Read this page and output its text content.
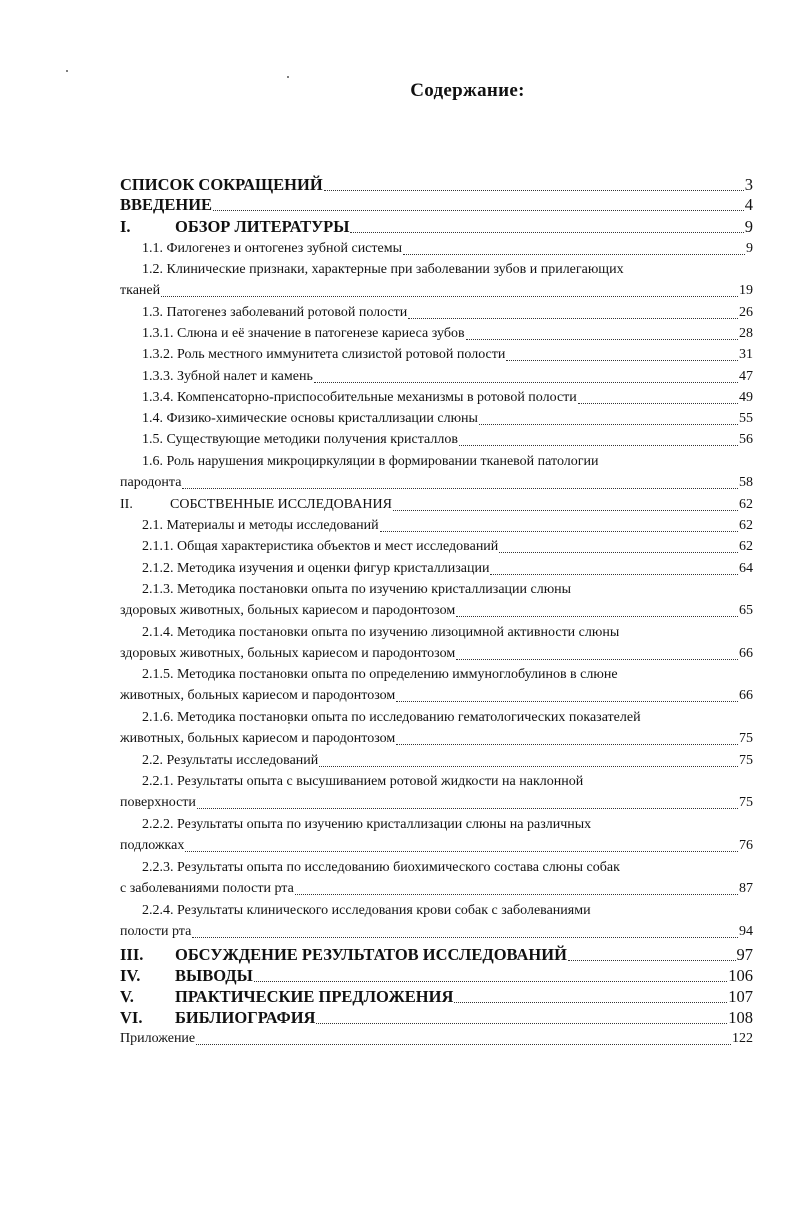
Содержание:
СПИСОК СОКРАЩЕНИЙ	3
ВВЕДЕНИЕ	4
I.	ОБЗОР ЛИТЕРАТУРЫ	9
1.1. Филогенез и онтогенез зубной системы	9
1.2. Клинические признаки, характерные при заболевании зубов и прилегающих
тканей	19
1.3. Патогенез заболеваний ротовой полости	26
1.3.1. Слюна и её значение в патогенезе кариеса зубов	28
1.3.2. Роль местного иммунитета слизистой ротовой полости	31
1.3.3. Зубной налет и камень	47
1.3.4. Компенсаторно-приспособительные механизмы в ротовой полости	49
1.4. Физико-химические основы кристаллизации слюны	55
1.5. Существующие методики получения кристаллов	56
1.6. Роль нарушения микроциркуляции в формировании тканевой патологии
пародонта	58
II.	СОБСТВЕННЫЕ ИССЛЕДОВАНИЯ	62
2.1. Материалы и методы исследований	62
2.1.1. Общая характеристика объектов и мест исследований	62
2.1.2. Методика изучения и оценки фигур кристаллизации	64
2.1.3. Методика постановки опыта по изучению кристаллизации слюны
здоровых животных, больных кариесом и пародонтозом	65
2.1.4. Методика постановки опыта по изучению лизоцимной активности слюны
здоровых животных, больных кариесом и пародонтозом	66
2.1.5. Методика постановки опыта по определению иммуноглобулинов в слюне
животных, больных кариесом и пародонтозом	66
2.1.6. Методика постановки опыта по исследованию гематологических показателей
животных, больных кариесом и пародонтозом	75
2.2. Результаты исследований	75
2.2.1. Результаты опыта с высушиванием ротовой жидкости на наклонной
поверхности	75
2.2.2. Результаты опыта по изучению кристаллизации слюны на различных
подложках	76
2.2.3. Результаты опыта по исследованию биохимического состава слюны собак
с заболеваниями полости рта	87
2.2.4. Результаты клинического исследования крови собак с заболеваниями
полости рта	94
III.	ОБСУЖДЕНИЕ РЕЗУЛЬТАТОВ ИССЛЕДОВАНИЙ	97
IV.	ВЫВОДЫ	106
V.	ПРАКТИЧЕСКИЕ ПРЕДЛОЖЕНИЯ	107
VI.	БИБЛИОГРАФИЯ	108
Приложение	122
